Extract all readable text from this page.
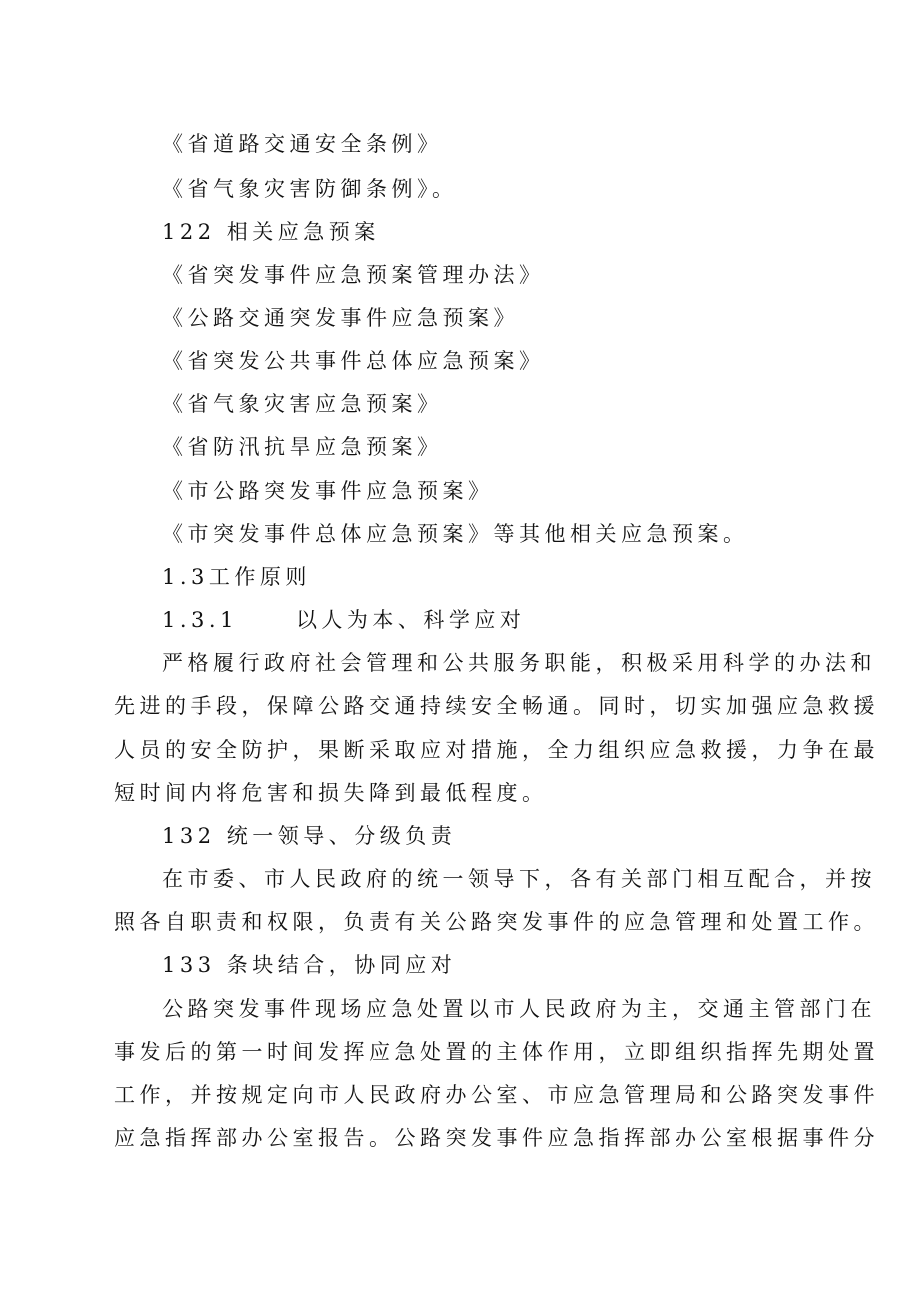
《省道路交通安全条例》

《省气象灾害防御条例》。

122 相关应急预案

《省突发事件应急预案管理办法》

《公路交通突发事件应急预案》

《省突发公共事件总体应急预案》

《省气象灾害应急预案》

《省防汛抗旱应急预案》

《市公路突发事件应急预案》

《市突发事件总体应急预案》等其他相关应急预案。

1.3工作原则

1.3.1	以人为本、科学应对

严格履行政府社会管理和公共服务职能，积极采用科学的办法和

先进的手段，保障公路交通持续安全畅通。同时，切实加强应急救援

人员的安全防护，果断采取应对措施，全力组织应急救援，力争在最

短时间内将危害和损失降到最低程度。

132 统一领导、分级负责

在市委、市人民政府的统一领导下，各有关部门相互配合，并按

照各自职责和权限，负责有关公路突发事件的应急管理和处置工作。

133 条块结合，协同应对

公路突发事件现场应急处置以市人民政府为主，交通主管部门在

事发后的第一时间发挥应急处置的主体作用，立即组织指挥先期处置

工作，并按规定向市人民政府办公室、市应急管理局和公路突发事件

应急指挥部办公室报告。公路突发事件应急指挥部办公室根据事件分
